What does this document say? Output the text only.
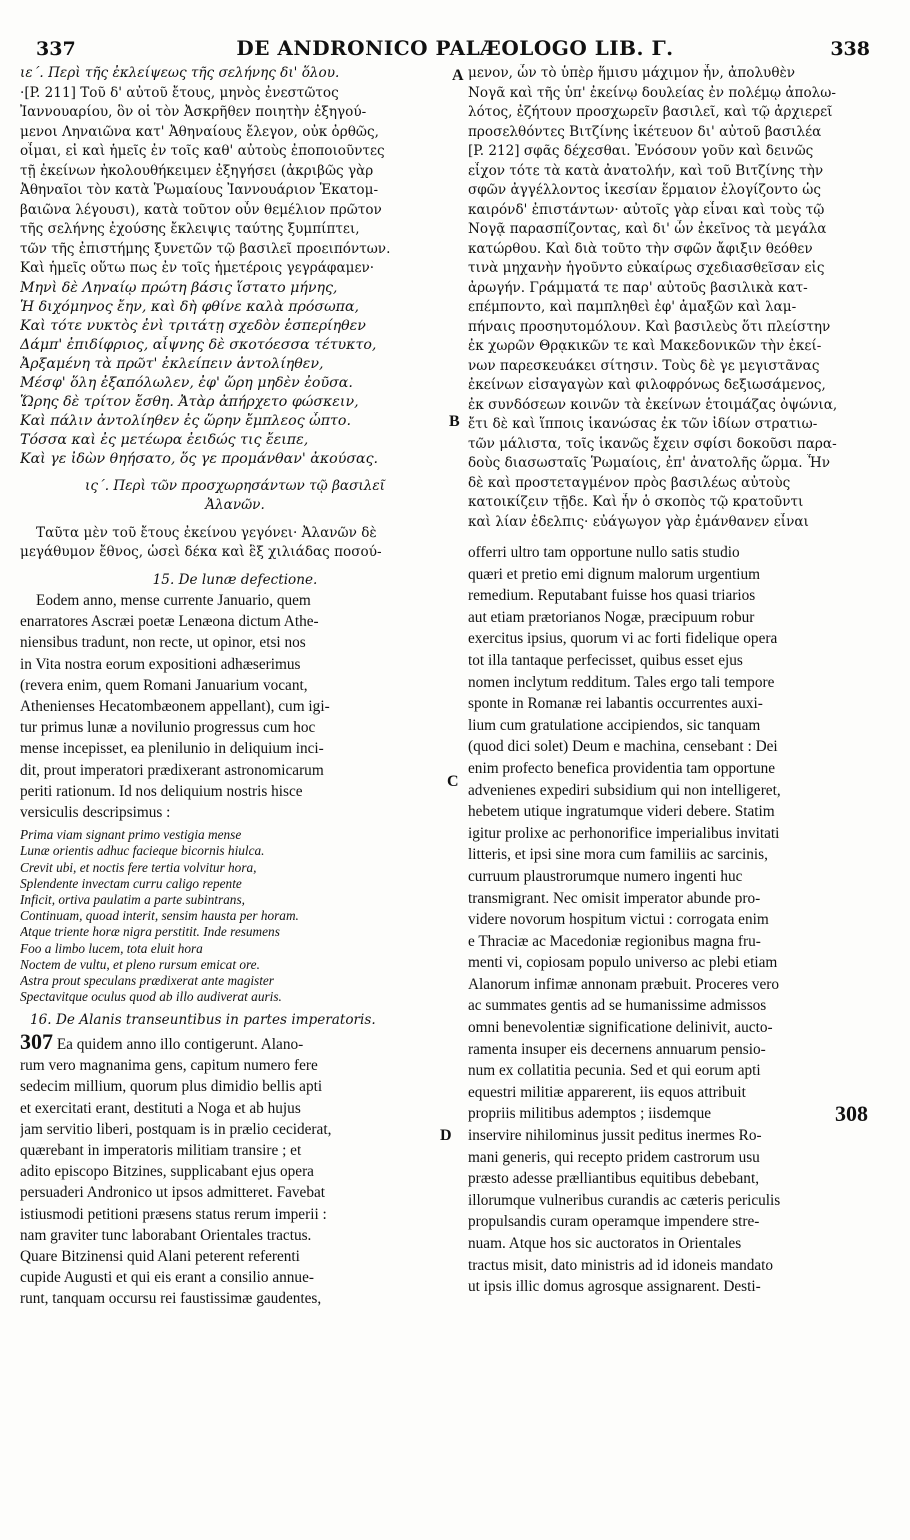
337	DE ANDRONICO PALÆOLOGO LIB. Γ.	338
A
B
C
D
ιε΄. Περὶ τῆς ἐκλείψεως τῆς σελήνης δι' ὅλου.
·[P. 211] Τοῦ δ' αὐτοῦ ἔτους, μηνὸς ἐνεστῶτος
Ἰαννουαρίου, ὃν οἱ τὸν Ἀσκρῆθεν ποιητὴν ἐξηγού-
μενοι Ληναιῶνα κατ' Ἀθηναίους ἔλεγον, οὐκ ὀρθῶς,
οἶμαι, εἰ καὶ ἡμεῖς ἐν τοῖς καθ' αὐτοὺς ἐποποιοῦντες
τῇ ἐκείνων ἠκολουθήκειμεν ἐξηγήσει (ἀκριβῶς γὰρ
Ἀθηναῖοι τὸν κατὰ Ῥωμαίους Ἰαννουάριον Ἑκατομ-
βαιῶνα λέγουσι), κατὰ τοῦτον οὖν θεμέλιον πρῶτον
τῆς σελήνης ἐχούσης ἔκλειψις ταύτης ξυμπίπτει,
τῶν τῆς ἐπιστήμης ξυνετῶν τῷ βασιλεῖ προειπόντων.
Καὶ ἡμεῖς οὕτω πως ἐν τοῖς ἡμετέροις γεγράφαμεν·
Μηνὶ δὲ Ληναίῳ πρώτη βάσις ἵστατο μήνης,
Ἡ διχόμηνος ἔην, καὶ δὴ φθίνε καλὰ πρόσωπα,
Καὶ τότε νυκτὸς ἐνὶ τριτάτῃ σχεδὸν ἑσπερίηθεν
Δάμπ' ἐπιδίφριος, αἶψνης δὲ σκοτόεσσα τέτυκτο,
Ἀρξαμένη τὰ πρῶτ' ἐκλείπειν ἀντολίηθεν,
Μέσφ' ὅλη ἐξαπόλωλεν, ἐφ' ὥρη μηδὲν ἐοῦσα.
Ὥρης δὲ τρίτον ἔσθη. Ἀτὰρ ἀπήρχετο φώσκειν,
Καὶ πάλιν ἀντολίηθεν ἐς ὥρην ἔμπλεος ὦπτο.
Τόσσα καὶ ἐς μετέωρα ἐειδώς τις ἔειπε,
Καὶ γε ἰδὼν θηήσατο, ὅς γε προμάνθαν' ἀκούσας.
ις΄. Περὶ τῶν προσχωρησάντων τῷ βασιλεῖ
Ἀλανῶν.
Ταῦτα μὲν τοῦ ἔτους ἐκείνου γεγόνει· Ἀλανῶν δὲ
μεγάθυμον ἔθνος, ὡσεὶ δέκα καὶ ἓξ χιλιάδας ποσού-
15. De lunæ defectione.
Eodem anno, mense currente Januario, quem
enarratores Ascræi poetæ Lenæona dictum Athe-
niensibus tradunt, non recte, ut opinor, etsi nos
in Vita nostra eorum expositioni adhæserimus
(revera enim, quem Romani Januarium vocant,
Athenienses Hecatombæonem appellant), cum igi-
tur primus lunæ a novilunio progressus cum hoc
mense incepisset, ea plenilunio in deliquium inci-
dit, prout imperatori prædixerant astronomicarum
periti rationum. Id nos deliquium nostris hisce
versiculis descripsimus :
Prima viam signant primo vestigia mense
Lunæ orientis adhuc facieque bicornis hiulca.
Crevit ubi, et noctis fere tertia volvitur hora,
Splendente invectam curru caligo repente
Inficit, ortiva paulatim a parte subintrans,
Continuam, quoad interit, sensim hausta per horam.
Atque triente horæ nigra perstitit. Inde resumens
Foo a limbo lucem, tota eluit hora
Noctem de vultu, et pleno rursum emicat ore.
Astra prout speculans prædixerat ante magister
Spectavitque oculus quod ab illo audiverat auris.
16. De Alanis transeuntibus in partes imperatoris.
307 Ea quidem anno illo contigerunt. Alano-
rum vero magnanima gens, capitum numero fere
sedecim millium, quorum plus dimidio bellis apti
et exercitati erant, destituti a Noga et ab hujus
jam servitio liberi, postquam is in prælio ceciderat,
quærebant in imperatoris militiam transire ; et
adito episcopo Bitzines, supplicabant ejus opera
persuaderi Andronico ut ipsos admitteret. Favebat
istiusmodi petitioni præsens status rerum imperii :
nam graviter tunc laborabant Orientales tractus.
Quare Bitzinensi quid Alani peterent referenti
cupide Augusti et qui eis erant a consilio annue-
runt, tanquam occursu rei faustissimæ gaudentes,
μενον, ὧν τὸ ὑπὲρ ἥμισυ μάχιμον ἦν, ἀπολυθὲν
Νογᾶ καὶ τῆς ὑπ' ἐκείνῳ δουλείας ἐν πολέμῳ ἀπολω-
λότος, ἐζήτουν προσχωρεῖν βασιλεῖ, καὶ τῷ ἀρχιερεῖ
προσελθόντες Βιτζίνης ἱκέτευον δι' αὐτοῦ βασιλέα
[P. 212] σφᾶς δέχεσθαι. Ἐνόσουν γοῦν καὶ δεινῶς
εἶχον τότε τὰ κατὰ ἀνατολήν, καὶ τοῦ Βιτζίνης τὴν
σφῶν ἀγγέλλοντος ἱκεσίαν ἕρμαιον ἐλογίζοντο ὡς
καιρόνδ' ἐπιστάντων· αὐτοῖς γὰρ εἶναι καὶ τοὺς τῷ
Νογᾷ παρασπίζοντας, καὶ δι' ὧν ἐκεῖνος τὰ μεγάλα
κατώρθου. Καὶ διὰ τοῦτο τὴν σφῶν ἄφιξιν θεόθεν
τινὰ μηχανὴν ἡγοῦντο εὐκαίρως σχεδιασθεῖσαν εἰς
ἀρωγήν. Γράμματά τε παρ' αὐτοῦς βασιλικὰ κατ-
επέμποντο, καὶ παμπληθεὶ ἐφ' ἁμαξῶν καὶ λαμ-
πήναις προσηυτομόλουν. Καὶ βασιλεὺς ὅτι πλείστην
ἐκ χωρῶν Θρᾳκικῶν τε καὶ Μακεδονικῶν τὴν ἐκεί-
νων παρεσκευάκει σίτησιν. Τοὺς δὲ γε μεγιστᾶνας
ἐκείνων εἰσαγαγὼν καὶ φιλοφρόνως δεξιωσάμενος,
ἐκ συνδόσεων κοινῶν τὰ ἐκείνων ἑτοιμάζας ὀψώνια,
ἔτι δὲ καὶ ἵπποις ἱκανώσας ἐκ τῶν ἰδίων στρατιω-
τῶν μάλιστα, τοῖς ἱκανῶς ἔχειν σφίσι δοκοῦσι παρα-
δοὺς διασωσταῖς Ῥωμαίοις, ἐπ' ἀνατολῆς ὥρμα. Ἦν
δὲ καὶ προστεταγμένον πρὸς βασιλέως αὐτοὺς
κατοικίζειν τῇδε. Καὶ ἦν ὁ σκοπὸς τῷ κρατοῦντι
καὶ λίαν ἐδελπις· εὐάγωγον γὰρ ἐμάνθανεν εἶναι
offerri ultro tam opportune nullo satis studio
quæri et pretio emi dignum malorum urgentium
remedium. Reputabant fuisse hos quasi triarios
aut etiam prætorianos Nogæ, præcipuum robur
exercitus ipsius, quorum vi ac forti fidelique opera
tot illa tantaque perfecisset, quibus esset ejus
nomen inclytum redditum. Tales ergo tali tempore
sponte in Romanæ rei labantis occurrentes auxi-
lium cum gratulatione accipiendos, sic tanquam
(quod dici solet) Deum e machina, censebant : Dei
enim profecto benefica providentia tam opportune
advenienes expediri subsidium qui non intelligeret,
hebetem utique ingratumque videri debere. Statim
igitur prolixe ac perhonorifice imperialibus invitati
litteris, et ipsi sine mora cum familiis ac sarcinis,
curruum plaustrorumque numero ingenti huc
transmigrant. Nec omisit imperator abunde pro-
videre novorum hospitum victui : corrogata enim
e Thraciæ ac Macedoniæ regionibus magna fru-
menti vi, copiosam populo universo ac plebi etiam
Alanorum infimæ annonam præbuit. Proceres vero
ac summates gentis ad se humanissime admissos
omni benevolentiæ significatione delinivit, aucto-
ramenta insuper eis decernens annuarum pensio-
num ex collatitia pecunia. Sed et qui eorum apti
equestri militiæ apparerent, iis equos attribuit
propriis militibus ademptos ; iisdemque	308
inservire nihilominus jussit peditus inermes Ro-
mani generis, qui recepto pridem castrorum usu
præsto adesse prælliantibus equitibus debebant,
illorumque vulneribus curandis ac cæteris periculis
propulsandis curam operamque impendere stre-
nuam. Atque hos sic auctoratos in Orientales
tractus misit, dato ministris ad id idoneis mandato
ut ipsis illic domus agrosque assignarent. Desti-
